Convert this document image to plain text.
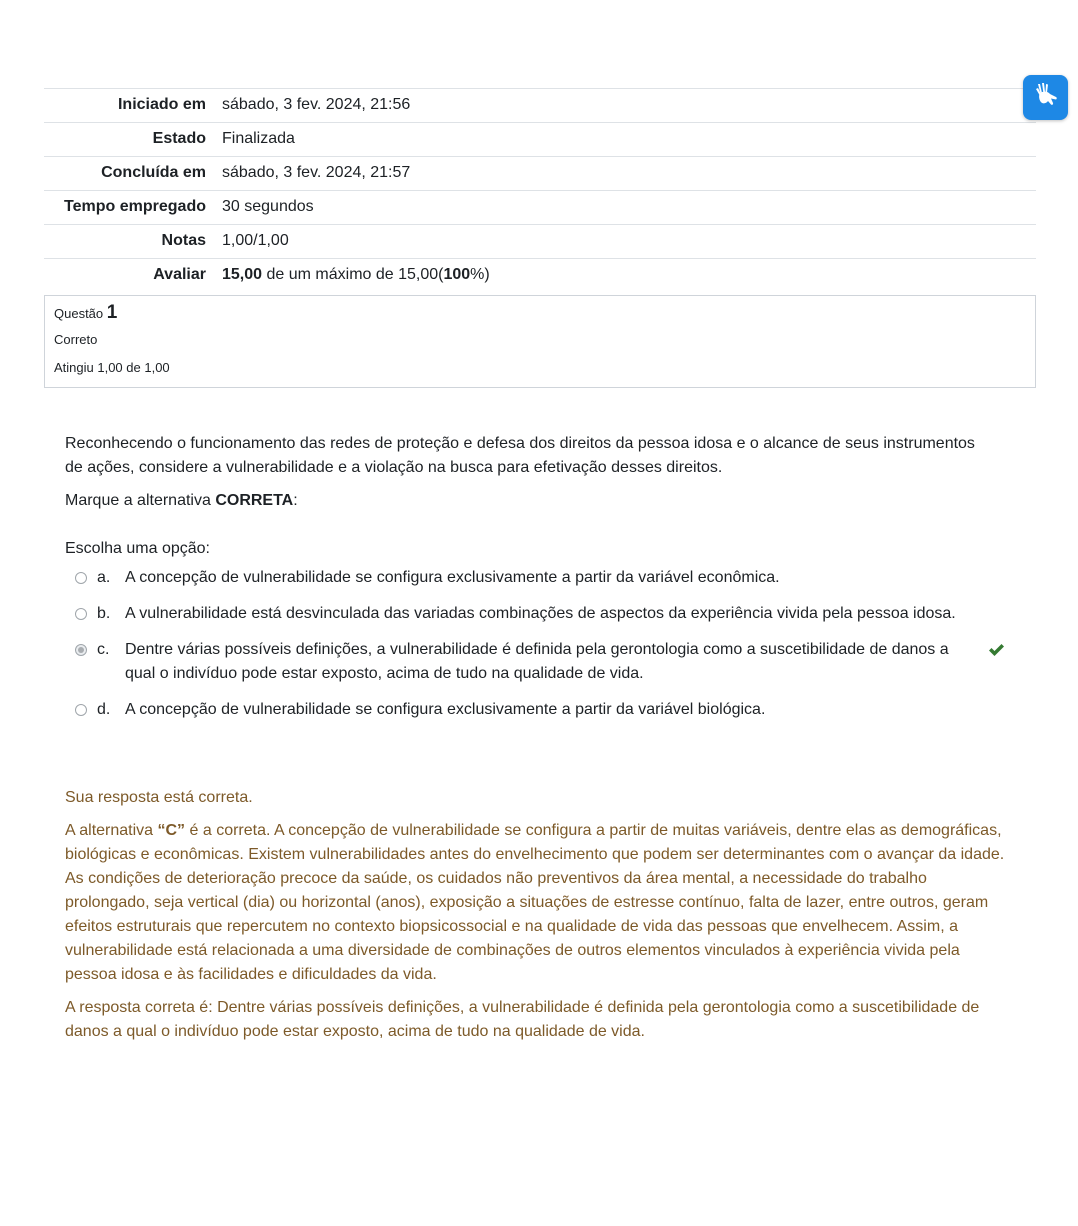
Iniciado em	sábado, 3 fev. 2024, 21:56
Estado	Finalizada
Concluída em	sábado, 3 fev. 2024, 21:57
Tempo empregado	30 segundos
Notas	1,00/1,00
Avaliar	15,00 de um máximo de 15,00(100%)
Questão 1
Correto
Atingiu 1,00 de 1,00

Reconhecendo o funcionamento das redes de proteção e defesa dos direitos da pessoa idosa e o alcance de seus instrumentos de ações, considere a vulnerabilidade e a violação na busca para efetivação desses direitos.

Marque a alternativa CORRETA:

Escolha uma opção:
a. A concepção de vulnerabilidade se configura exclusivamente a partir da variável econômica.
b. A vulnerabilidade está desvinculada das variadas combinações de aspectos da experiência vivida pela pessoa idosa.
c. Dentre várias possíveis definições, a vulnerabilidade é definida pela gerontologia como a suscetibilidade de danos a qual o indivíduo pode estar exposto, acima de tudo na qualidade de vida.
d. A concepção de vulnerabilidade se configura exclusivamente a partir da variável biológica.

Sua resposta está correta.

A alternativa “C” é a correta. A concepção de vulnerabilidade se configura a partir de muitas variáveis, dentre elas as demográficas, biológicas e econômicas. Existem vulnerabilidades antes do envelhecimento que podem ser determinantes com o avançar da idade. As condições de deterioração precoce da saúde, os cuidados não preventivos da área mental, a necessidade do trabalho prolongado, seja vertical (dia) ou horizontal (anos), exposição a situações de estresse contínuo, falta de lazer, entre outros, geram efeitos estruturais que repercutem no contexto biopsicossocial e na qualidade de vida das pessoas que envelhecem. Assim, a vulnerabilidade está relacionada a uma diversidade de combinações de outros elementos vinculados à experiência vivida pela pessoa idosa e às facilidades e dificuldades da vida.

A resposta correta é: Dentre várias possíveis definições, a vulnerabilidade é definida pela gerontologia como a suscetibilidade de danos a qual o indivíduo pode estar exposto, acima de tudo na qualidade de vida.
